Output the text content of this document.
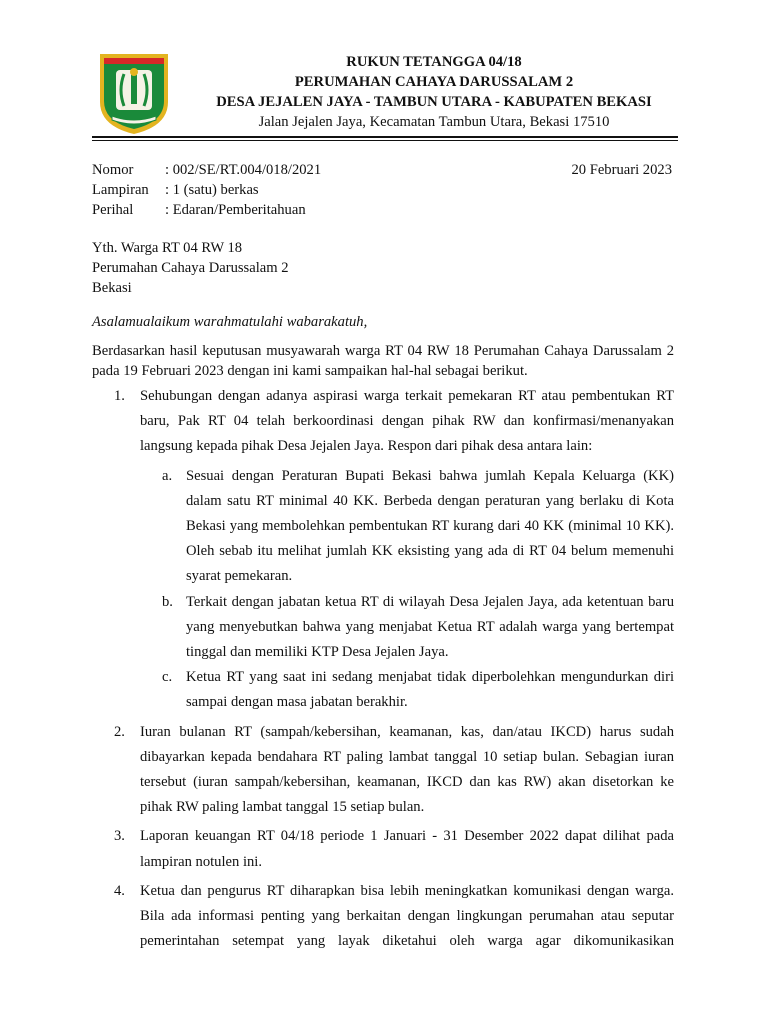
RUKUN TETANGGA 04/18
PERUMAHAN CAHAYA DARUSSALAM 2
DESA JEJALEN JAYA - TAMBUN UTARA - KABUPATEN BEKASI
Jalan Jejalen Jaya, Kecamatan Tambun Utara, Bekasi 17510
Nomor : 002/SE/RT.004/018/2021
Lampiran : 1 (satu) berkas
Perihal : Edaran/Pemberitahuan
20 Februari 2023
Yth. Warga RT 04 RW 18
Perumahan Cahaya Darussalam 2
Bekasi
Asalamualaikum warahmatulahi wabarakatuh,
Berdasarkan hasil keputusan musyawarah warga RT 04 RW 18 Perumahan Cahaya Darussalam 2 pada 19 Februari 2023 dengan ini kami sampaikan hal-hal sebagai berikut.
1. Sehubungan dengan adanya aspirasi warga terkait pemekaran RT atau pembentukan RT baru, Pak RT 04 telah berkoordinasi dengan pihak RW dan konfirmasi/menanyakan langsung kepada pihak Desa Jejalen Jaya. Respon dari pihak desa antara lain:
a. Sesuai dengan Peraturan Bupati Bekasi bahwa jumlah Kepala Keluarga (KK) dalam satu RT minimal 40 KK. Berbeda dengan peraturan yang berlaku di Kota Bekasi yang membolehkan pembentukan RT kurang dari 40 KK (minimal 10 KK). Oleh sebab itu melihat jumlah KK eksisting yang ada di RT 04 belum memenuhi syarat pemekaran.
b. Terkait dengan jabatan ketua RT di wilayah Desa Jejalen Jaya, ada ketentuan baru yang menyebutkan bahwa yang menjabat Ketua RT adalah warga yang bertempat tinggal dan memiliki KTP Desa Jejalen Jaya.
c. Ketua RT yang saat ini sedang menjabat tidak diperbolehkan mengundurkan diri sampai dengan masa jabatan berakhir.
2. Iuran bulanan RT (sampah/kebersihan, keamanan, kas, dan/atau IKCD) harus sudah dibayarkan kepada bendahara RT paling lambat tanggal 10 setiap bulan. Sebagian iuran tersebut (iuran sampah/kebersihan, keamanan, IKCD dan kas RW) akan disetorkan ke pihak RW paling lambat tanggal 15 setiap bulan.
3. Laporan keuangan RT 04/18 periode 1 Januari - 31 Desember 2022 dapat dilihat pada lampiran notulen ini.
4. Ketua dan pengurus RT diharapkan bisa lebih meningkatkan komunikasi dengan warga. Bila ada informasi penting yang berkaitan dengan lingkungan perumahan atau seputar pemerintahan setempat yang layak diketahui oleh warga agar dikomunikasikan
